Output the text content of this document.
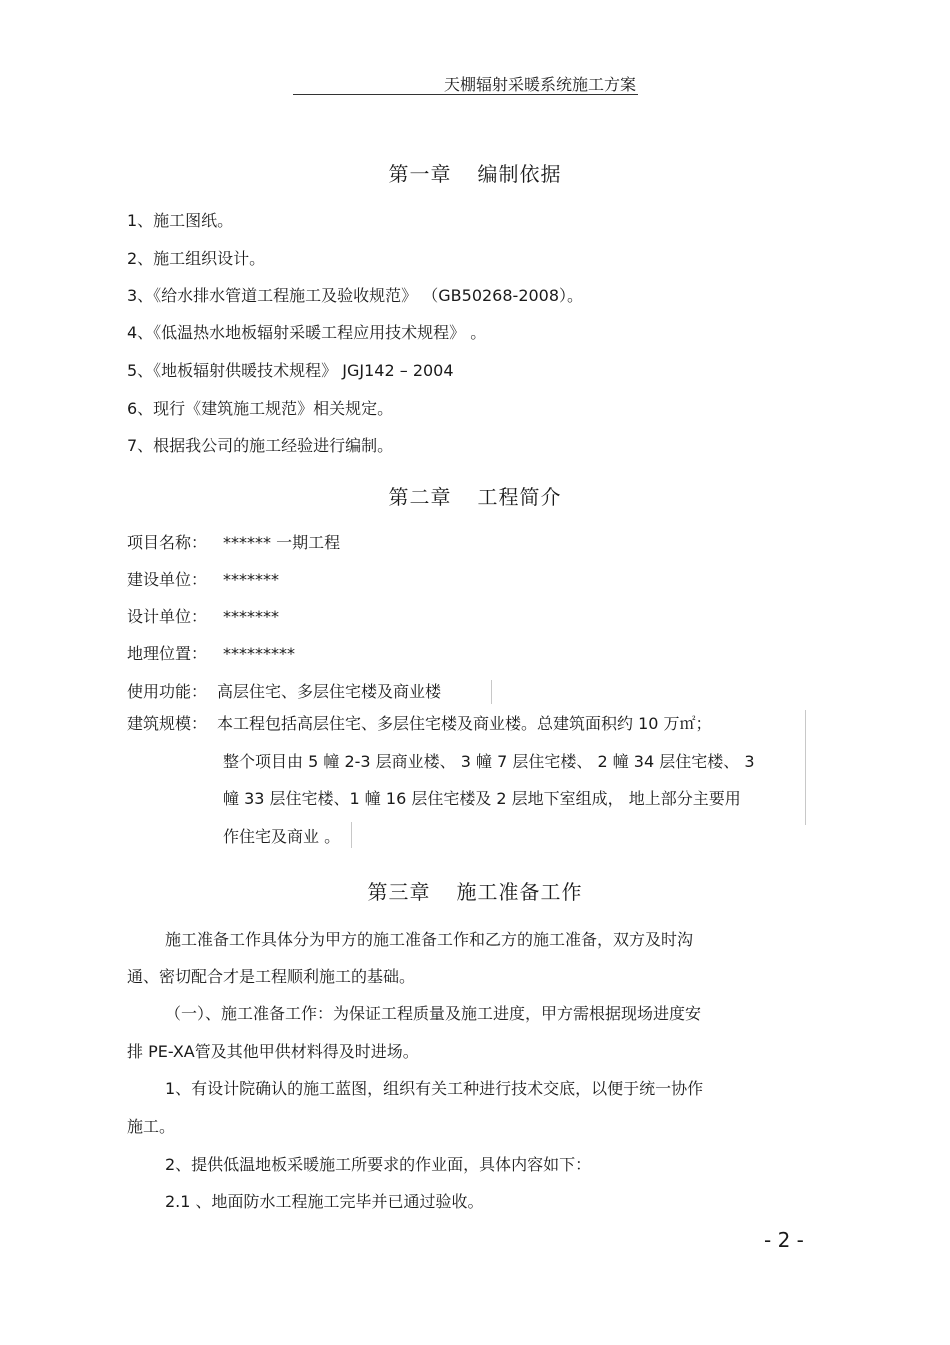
天棚辐射采暖系统施工方案
第一章 编制依据
1、施工图纸。
2、施工组织设计。
3、《给水排水管道工程施工及验收规范》 （GB50268-2008）。
4、《低温热水地板辐射采暖工程应用技术规程》 。
5、《地板辐射供暖技术规程》 JGJ142 – 2004
6、现行《建筑施工规范》相关规定。
7、根据我公司的施工经验进行编制。
第二章 工程简介
项目名称： ****** 一期工程
建设单位： *******
设计单位： *******
地理位置： *********
使用功能： 高层住宅、多层住宅楼及商业楼
建筑规模： 本工程包括高层住宅、多层住宅楼及商业楼。总建筑面积约 10 万㎡；
整个项目由 5 幢 2-3 层商业楼、 3 幢 7 层住宅楼、 2 幢 34 层住宅楼、 3
幢 33 层住宅楼、1 幢 16 层住宅楼及 2 层地下室组成， 地上部分主要用
作住宅及商业 。
第三章 施工准备工作
施工准备工作具体分为甲方的施工准备工作和乙方的施工准备，双方及时沟
通、密切配合才是工程顺利施工的基础。
（一）、施工准备工作：为保证工程质量及施工进度，甲方需根据现场进度安
排 PE-XA管及其他甲供材料得及时进场。
1、有设计院确认的施工蓝图，组织有关工种进行技术交底，以便于统一协作
施工。
2、提供低温地板采暖施工所要求的作业面，具体内容如下：
2.1 、地面防水工程施工完毕并已通过验收。
- 2 -
